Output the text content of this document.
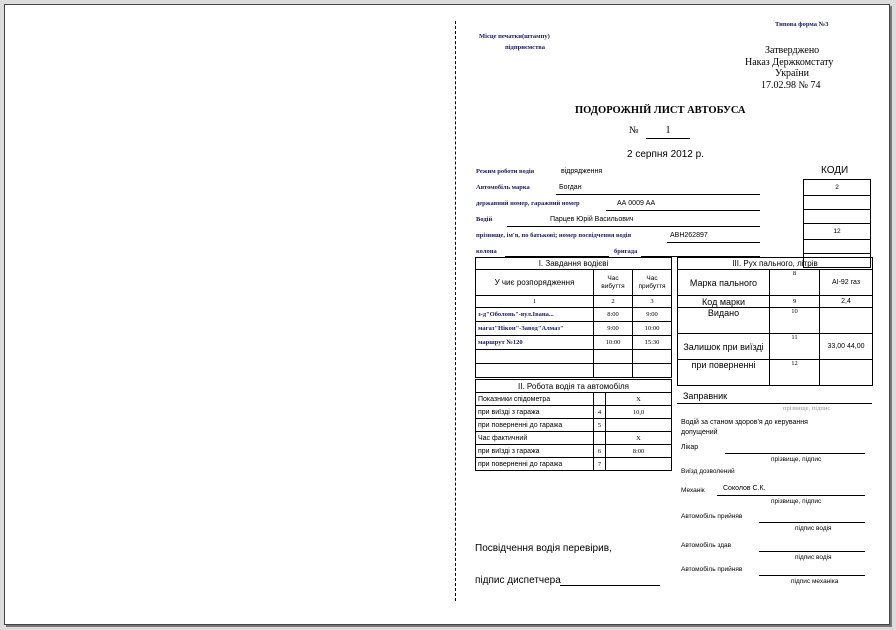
Типова форма №3
Місце печатки(штампу)
підприємства	Затверджено
Наказ Держкомстату
України
17.02.98 № 74
ПОДОРОЖНІЙ ЛИСТ АВТОБУСА
№	1
2 серпня 2012 р.
КОДИ
Режим роботи водія	відрядження
Автомобіль марка	Богдан
державний номер, гаражний номер	АА 0009 АА
Водій	Парцев Юрій Васильович
прізвище, ім'я, по батькові; номер посвідчення водія	АВН262897
колона	бригада
2

12

І. Завдання водієві		
У чиє розпорядження	Час вибуття	Час прибуття
1	2	3
з-д"Оболонь"-вул.Івана...	8:00	9:00
магаз"Нікон"-Завод"Алмаз"	9:00	10:00
маршрут №120	10:00	15:30

ІІ. Робота водія та автомобіля		
Показники спідометра		Х
при виїзді з гаража	4	10,0
при поверненні до гаража	5	
Час фактичний		Х
при виїзді з гаража	6	8:00
при поверненні до гаража	7	
ІІІ. Рух пального, літрів		
Марка пального	8	АІ-92 газ
Код марки	9	2,4
Видано	10	
Залишок при виїзді	11	33,00 44,00
при поверненні	12	
Заправник
прізвище, підпис
Водій за станом здоров'я до керування
допущений
Лікар
прізвище, підпис
Виїзд дозволений
Механік	Соколов С.К.
прізвище, підпис
Автомобіль прийняв
підпис водія
Автомобіль здав
підпис водія
Автомобіль прийняв
підпис механіка
Посвідчення водія перевірив,
підпис диспетчера
